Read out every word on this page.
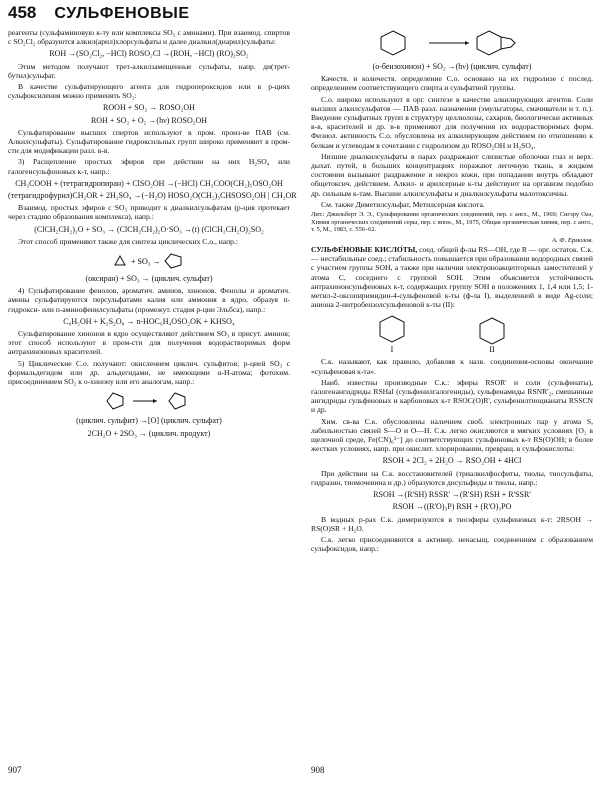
458 СУЛЬФЕНОВЫЕ

реагенты (сульфаминовую к-ту или комплексы SO₃ с аминами). При взаимод. спиртов с SO₂Cl₂ образуются алкил(арил)хлорсульфаты и далее диалкил(диарил)сульфаты:

ROH →(SO₂Cl₂, −HCl) ROSO₂Cl →(ROH, −HCl) (RO)₂SO₂

Этим методом получают трет-алкилзамещенные сульфаты, напр. ди(трет-бутил)сульфат.

В качестве сульфатирующего агента для гидропероксидов или в р-циях сульфоксиления можно применять SO₂:

ROOH + SO₂ → ROSO₂OH
ROH + SO₂ + O₂ →(hν) ROSO₂OH

Сульфатирование высших спиртов используют в пром. произ-ве ПАВ (см. Алкилсульфаты). Сульфатирование гидроксильных групп широко применяют в пром-сти для модификации разл. в-в.

3) Расщепление простых эфиров при действии на них H₂SO₄ или галогенсульфоновых к-т, напр.:

CH₃COOH + (тетрагидропиран) + ClSO₂OH →(−HCl) CH₃COO(CH₂)₅OSO₂OH
(тетрагидрофурил)CH₂OR + 2H₂SO₄ →(−H₂O) HOSO₂O(CH₂)₃CHSOSO₂OH | CH₂OR

Взаимод. простых эфиров с SO₃ приводит к диалкилсульфатам (р-ция протекает через стадию образования комплекса), напр.:

(ClCH₂CH₂)₂O + SO₃ → (ClCH₂CH₂)₂O·SO₃ →(t) (ClCH₂CH₂O)₂SO₂

Этот способ применяют также для синтеза циклических С.о., напр.:

+ SO₃ →
(оксиран) + SO₃ → (циклич. сульфат)

4) Сульфатирование фенолов, ароматич. аминов, хинонов. Фенолы и ароматич. амины сульфатируются персульфатами калия или аммония в ядро, образуя п-гидрокси- или п-аминофенилсульфаты (промежут. стадия р-ции Эльбса), напр.:

C₆H₅OH + K₂S₂O₈ → n-HOC₆H₄OSO₂OK + KHSO₄

Сульфатирование хинонов в ядро осуществляют действием SO₃ в присут. аминов; этот способ используют в пром-сти для получения водорастворимых форм антрахиноновых красителей.

5) Циклические С.о. получают: окислением циклич. сульфитов; р-цией SO₃ с формальдегидом или др. альдегидами, не имеющими α-Н-атома; фотохим. присоединением SO₂ к о-хинону или его аналогам, напр.:

(циклич. сульфит) →[O] (циклич. сульфат)
2CH₂O + 2SO₃ → (циклич. продукт)
(о-бензохинон) + SO₂ →(hν) (циклич. сульфат)

Качеств. и количеств. определение С.о. основано на их гидролизе с послед. определением соответствующего спирта и сульфатной группы.

С.о. широко используют в орг. синтезе в качестве алкилирующих агентов. Соли высших алкилсульфатов — ПАВ разл. назначения (эмульгаторы, смачиватели и т. п.). Введение сульфатных групп в структуру целлюлозы, сахаров, биологически активных в-в, красителей и др. в-в применяют для получения их водорастворимых форм. Физиол. активность С.о. обусловлена их алкилирующим действием по отношению к белкам и углеводам в сочетании с гидролизом до ROSO₂OH и H₂SO₄.

Низшие диалкилсульфаты в парах раздражают слизистые оболочки глаз и верх. дыхат. путей, в больших концентрациях поражают легочную ткань, в жидком состоянии вызывают раздражение и некроз кожи, при попадании внутрь обладают общетоксич. действием. Алкил- и арилсерные к-ты действуют на организм подобно др. сильным к-там. Высшие алкилсульфаты и диалкилсульфаты малотоксичны.

См. также Диметилсульфат, Метилсерная кислота.

Лит.: Джильберт Э. Э., Сульфирование органических соединений, пер. с англ., М., 1969; Сигэру Оаэ, Химия органических соединений серы, пер. с япон., М., 1975, Общая органическая химия, пер. с англ., т. 5, М., 1983, с. 556–62.

А. Ф. Ермолов.

СУЛЬФЕ́НОВЫЕ КИСЛО́ТЫ, соед. общей ф-лы RS—OH, где R — орг. остаток. С.к. — нестабильные соед.; стабильность повышается при образовании водородных связей с участием группы SOH, а также при наличии электроноакцепторных заместителей у атома С, соседнего с группой SOH. Этим объясняется устойчивость антрахинонсульфеновых к-т, содержащих группу SOH в положениях 1, 1,4 или 1,5; 1-метил-2-оксопиримидин-4-сульфеновой к-ты (ф-ла I), выделенной в виде Ag-соли; аниона 2-нитробензолсульфеновой к-ты (II):

I	II

С.к. называют, как правило, добавляя к назв. соединения-основы окончание «сульфеновая к-та».

Наиб. известны производные С.к.: эфиры RSOR' и соли (сульфенаты), галогенангидриды RSHal (сульфенилгалогениды), сульфенамиды RSNR'₂, смешанные ангидриды сульфеновых и карбоновых к-т RSOC(O)R', сульфенилтиоцианаты RSSCN и др.

Хим. св-ва С.к. обусловлены наличием своб. электронных пар у атома S, лабильностью связей S—O и O—H. С.к. легко окисляются в мягких условиях [O₂ в щелочной среде, Fe(CN)₆³⁻] до соответствующих сульфиновых к-т RS(O)OH; в более жестких условиях, напр. при окислит. хлорировании, превращ. в сульфокислоты:

RSOH + 2Cl₂ + 2H₂O → RSO₂OH + 4HCl

При действии на С.к. восстановителей (триалкилфосфиты, тиолы, тиосульфаты, гидразин, тиомочевина и др.) образуются дисульфиды и тиолы, напр.:

RSOH →(R'SH) RSSR' →(R'SH) RSH + R'SSR'
RSOH →((R'O)₃P) RSH + (R'O)₃PO

В водных р-рах С.к. димеризуются в тиоэфиры сульфиновых к-т: 2RSOH → RS(O)SR + H₂O.

С.к. легко присоединяются к активир. ненасыщ. соединениям с образованием сульфоксидов, напр.:

907	908
